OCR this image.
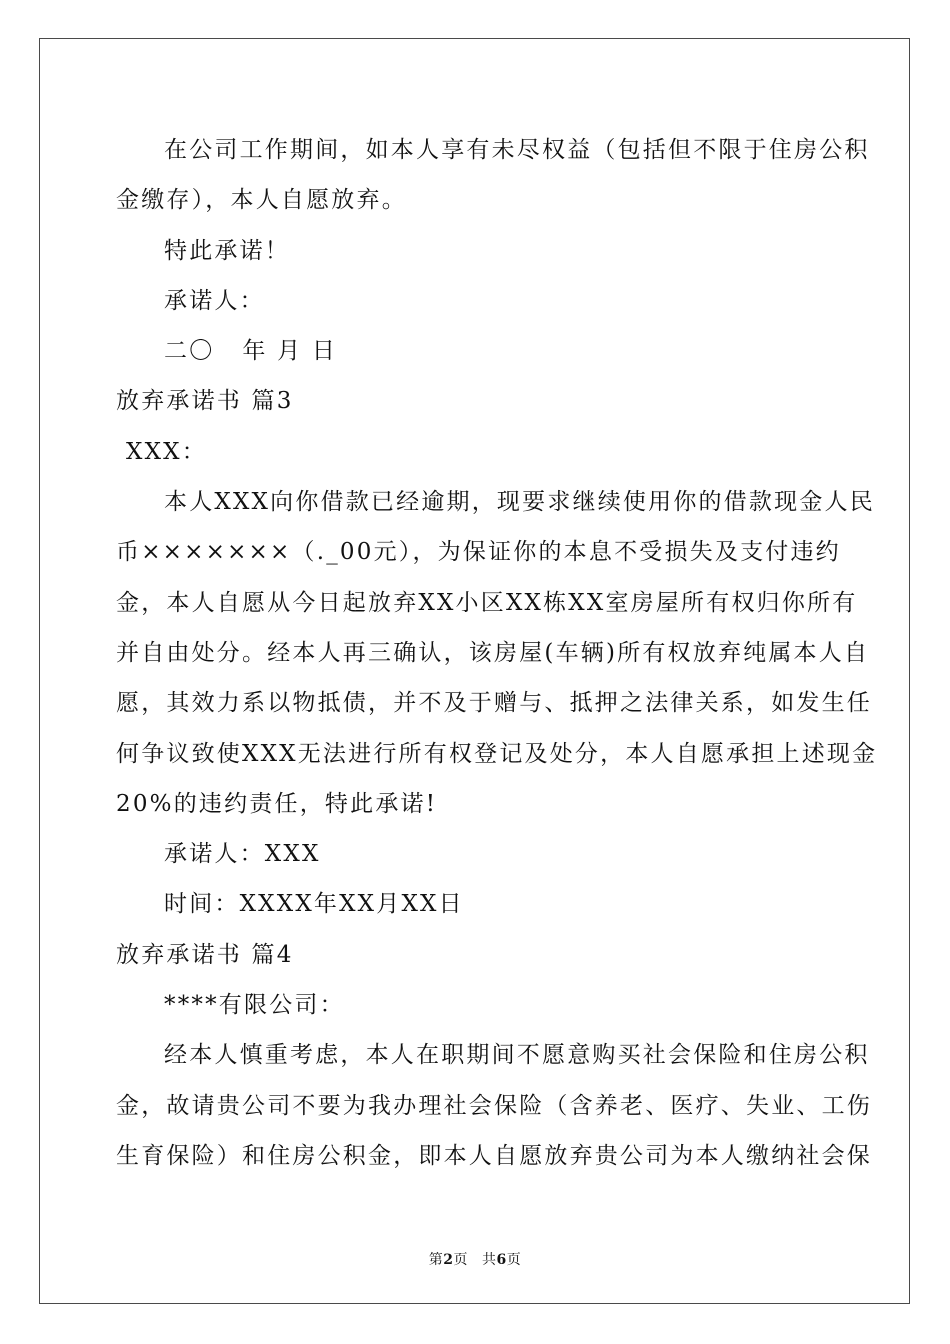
在公司工作期间，如本人享有未尽权益（包括但不限于住房公积

金缴存），本人自愿放弃。

特此承诺！

承诺人：

二〇 年 月 日

放弃承诺书 篇3

XXX：

本人XXX向你借款已经逾期，现要求继续使用你的借款现金人民

币×××××××（._00元），为保证你的本息不受损失及支付违约

金，本人自愿从今日起放弃XX小区XX栋XX室房屋所有权归你所有

并自由处分。经本人再三确认，该房屋(车辆)所有权放弃纯属本人自

愿，其效力系以物抵债，并不及于赠与、抵押之法律关系，如发生任

何争议致使XXX无法进行所有权登记及处分，本人自愿承担上述现金

20%的违约责任，特此承诺!

承诺人：XXX

时间：XXXX年XX月XX日

放弃承诺书 篇4

****有限公司：

经本人慎重考虑，本人在职期间不愿意购买社会保险和住房公积

金，故请贵公司不要为我办理社会保险（含养老、医疗、失业、工伤

生育保险）和住房公积金，即本人自愿放弃贵公司为本人缴纳社会保

第2页 共6页
